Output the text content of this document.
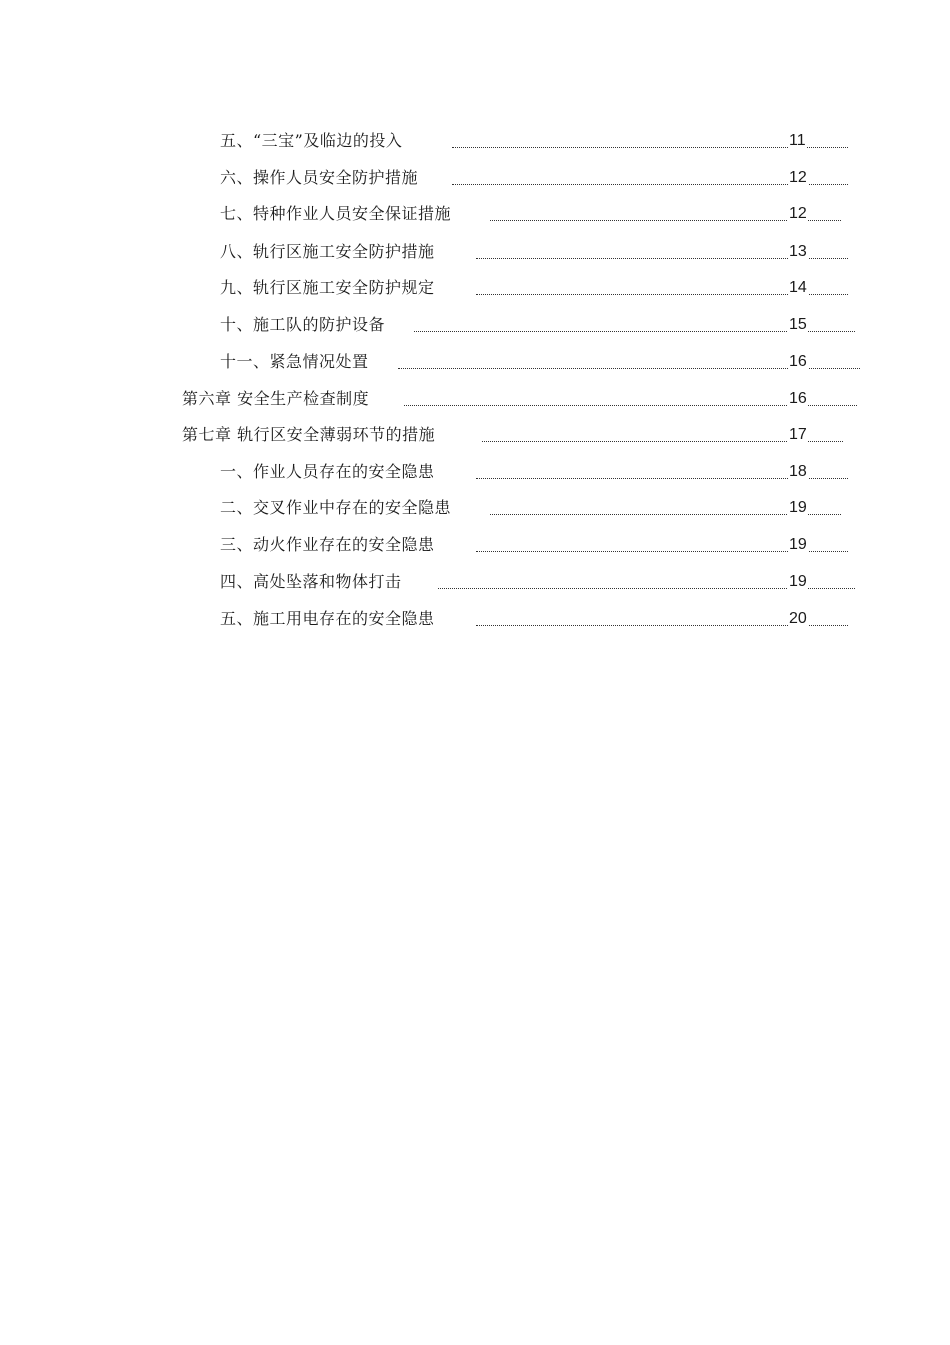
五、“三宝”及临边的投入	11
六、操作人员安全防护措施	12
七、特种作业人员安全保证措施	12
八、轨行区施工安全防护措施	13
九、轨行区施工安全防护规定	14
十、施工队的防护设备	15
十一、紧急情况处置	16
第六章 安全生产检查制度	16
第七章 轨行区安全薄弱环节的措施	17
一、作业人员存在的安全隐患	18
二、交叉作业中存在的安全隐患	19
三、动火作业存在的安全隐患	19
四、高处坠落和物体打击	19
五、施工用电存在的安全隐患	20
